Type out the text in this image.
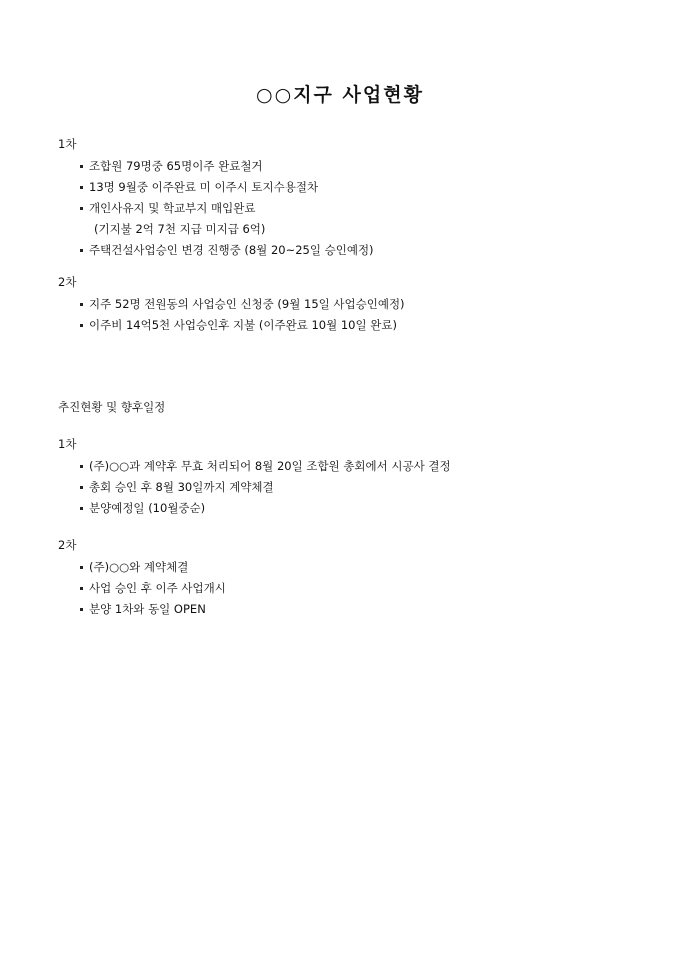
○○지구 사업현황
1차
조합원 79명중 65명이주 완료철거
13명 9월중 이주완료 미 이주시 토지수용절차
개인사유지 및 학교부지 매입완료
(기지불 2억 7천 지급 미지급 6억)
주택건설사업승인 변경 진행중 (8월 20~25일 승인예정)
2차
지주 52명 전원동의 사업승인 신청중 (9월 15일 사업승인예정)
이주비 14억5천 사업승인후 지불 (이주완료 10월 10일 완료)
추진현황 및 향후일정
1차
(주)○○과 계약후 무효 처리되어 8월 20일 조합원 총회에서 시공사 결정
총회 승인 후 8월 30일까지 계약체결
분양예정일 (10월중순)
2차
(주)○○와 계약체결
사업 승인 후 이주 사업개시
분양 1차와 동일 OPEN
